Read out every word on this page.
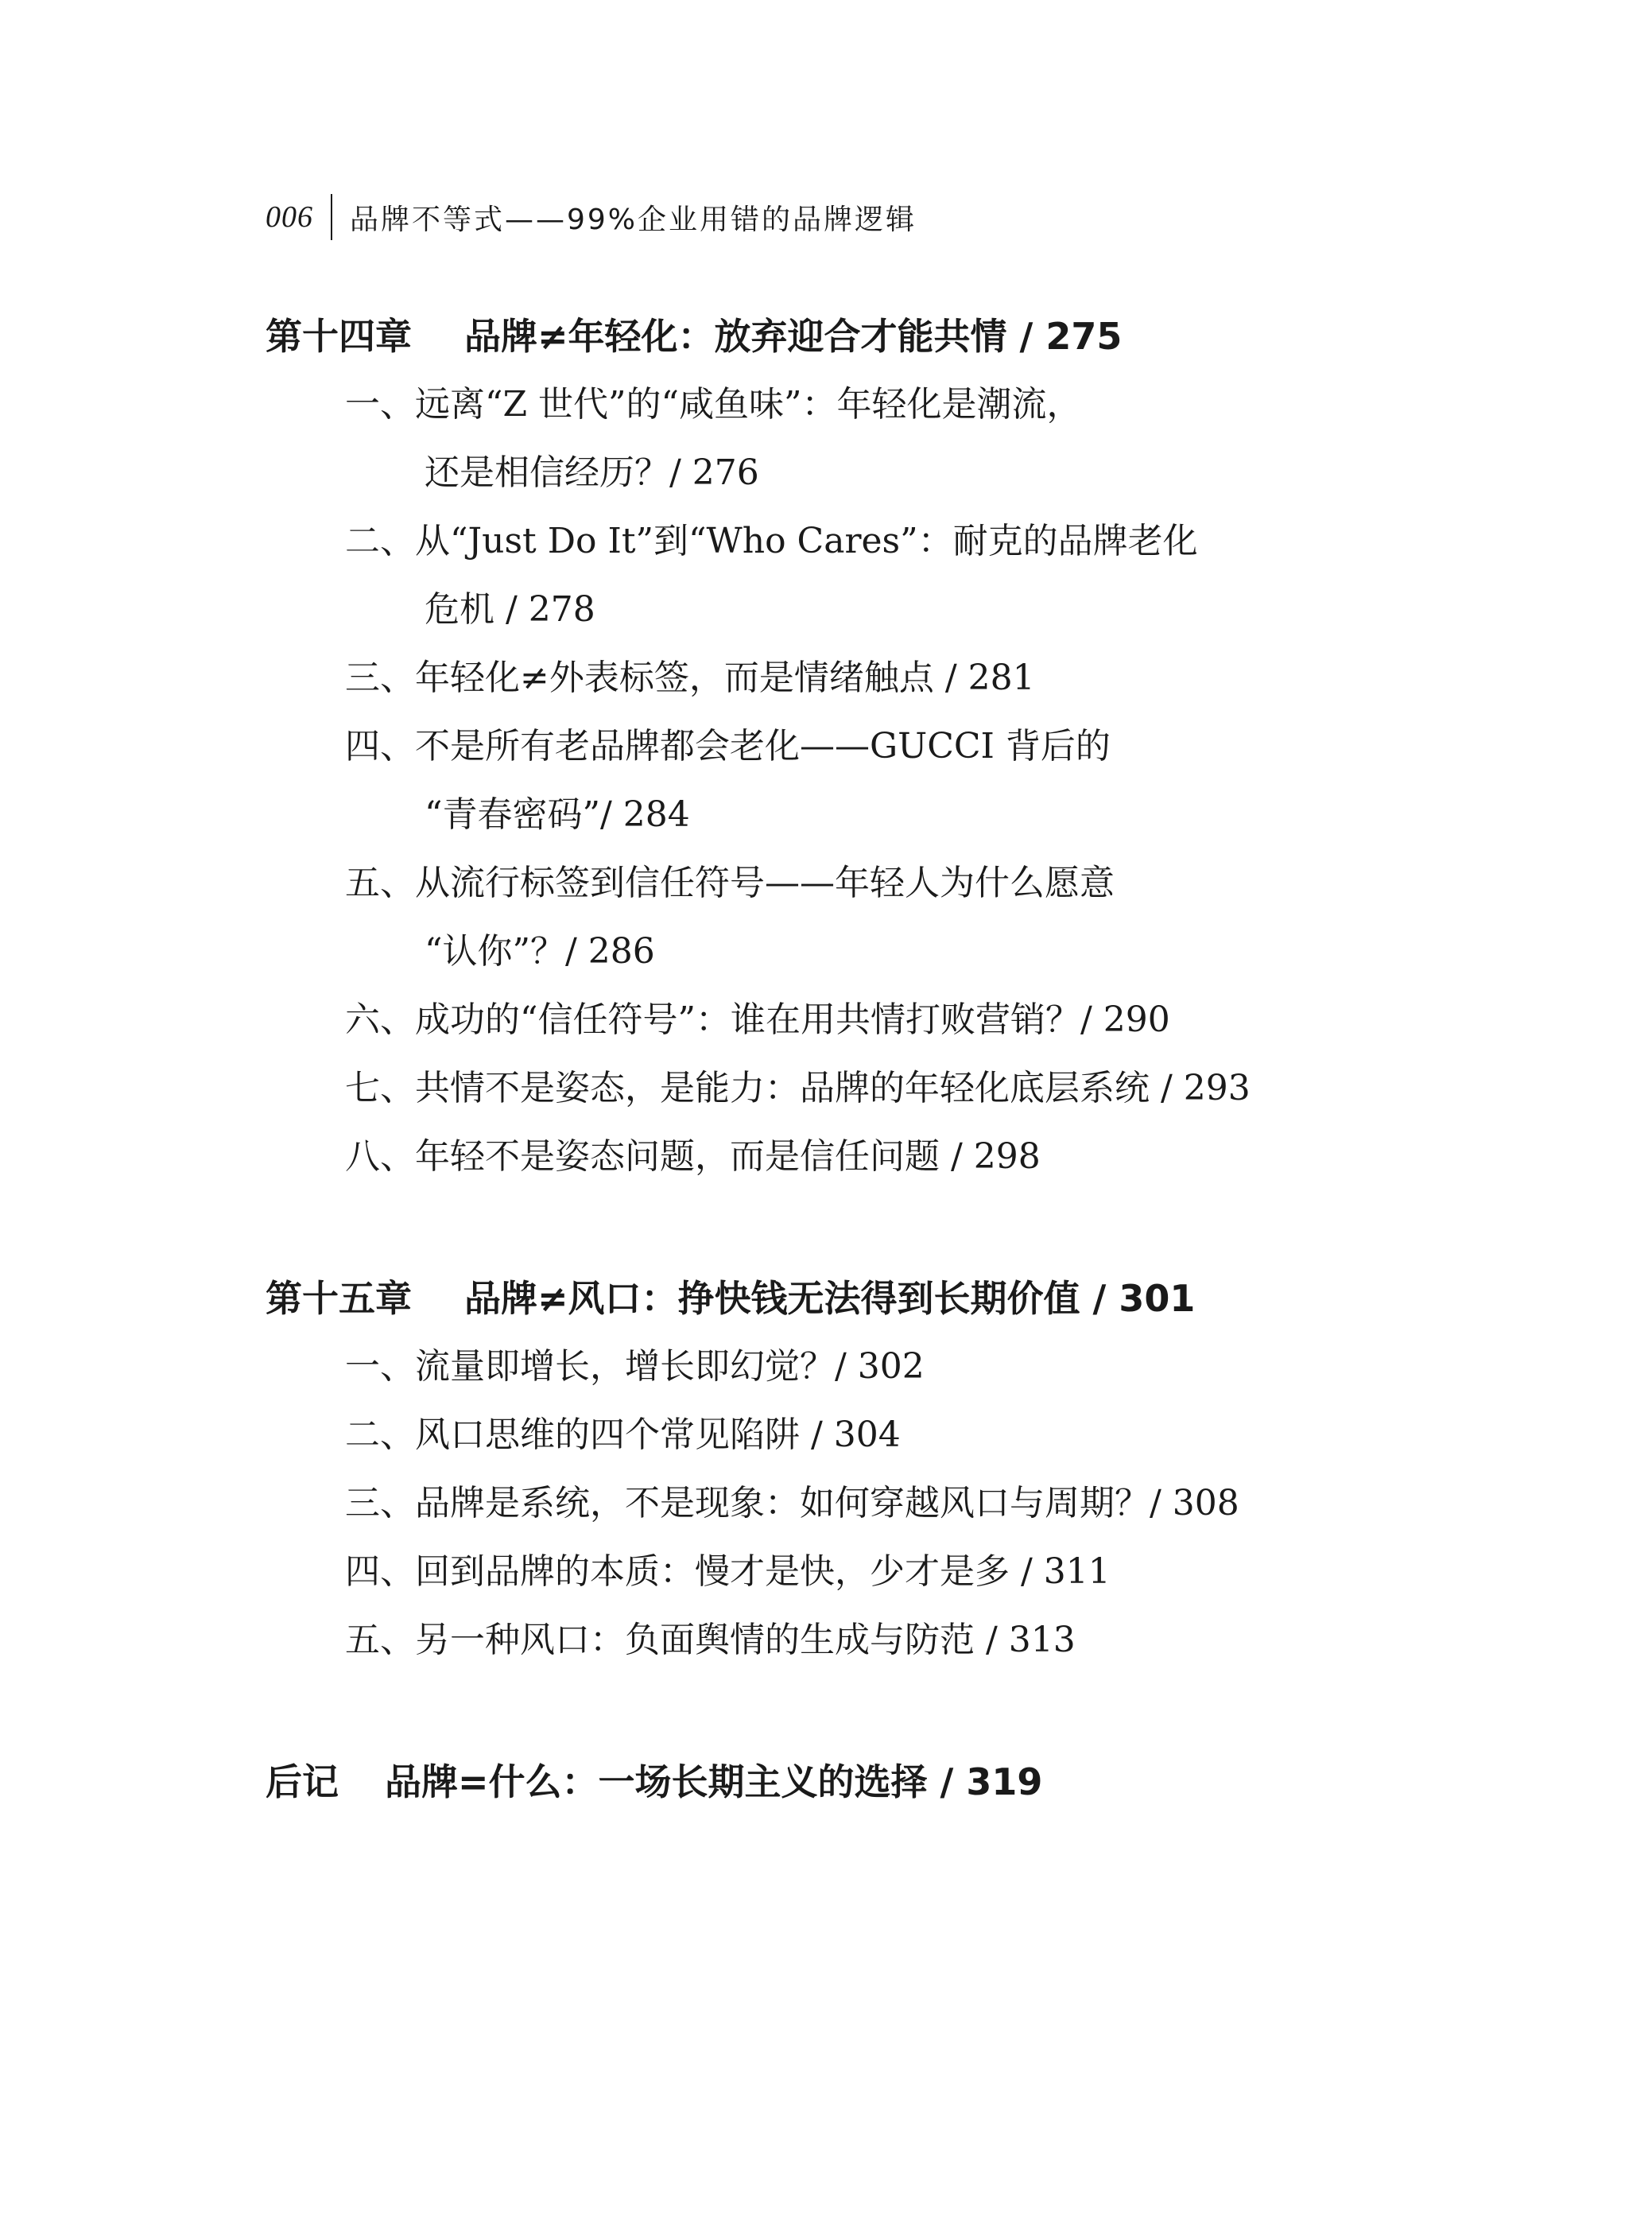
006 品牌不等式——99%企业用错的品牌逻辑
第十四章 品牌≠年轻化：放弃迎合才能共情 / 275
一、远离“Z 世代”的“咸鱼味”：年轻化是潮流，
还是相信经历？/ 276
二、从“Just Do It”到“Who Cares”：耐克的品牌老化
危机 / 278
三、年轻化≠外表标签，而是情绪触点 / 281
四、不是所有老品牌都会老化——GUCCI 背后的
“青春密码”/ 284
五、从流行标签到信任符号——年轻人为什么愿意
“认你”？/ 286
六、成功的“信任符号”：谁在用共情打败营销？/ 290
七、共情不是姿态，是能力：品牌的年轻化底层系统 / 293
八、年轻不是姿态问题，而是信任问题 / 298
第十五章 品牌≠风口：挣快钱无法得到长期价值 / 301
一、流量即增长，增长即幻觉？/ 302
二、风口思维的四个常见陷阱 / 304
三、品牌是系统，不是现象：如何穿越风口与周期？/ 308
四、回到品牌的本质：慢才是快，少才是多 / 311
五、另一种风口：负面舆情的生成与防范 / 313
后记 品牌=什么：一场长期主义的选择 / 319
